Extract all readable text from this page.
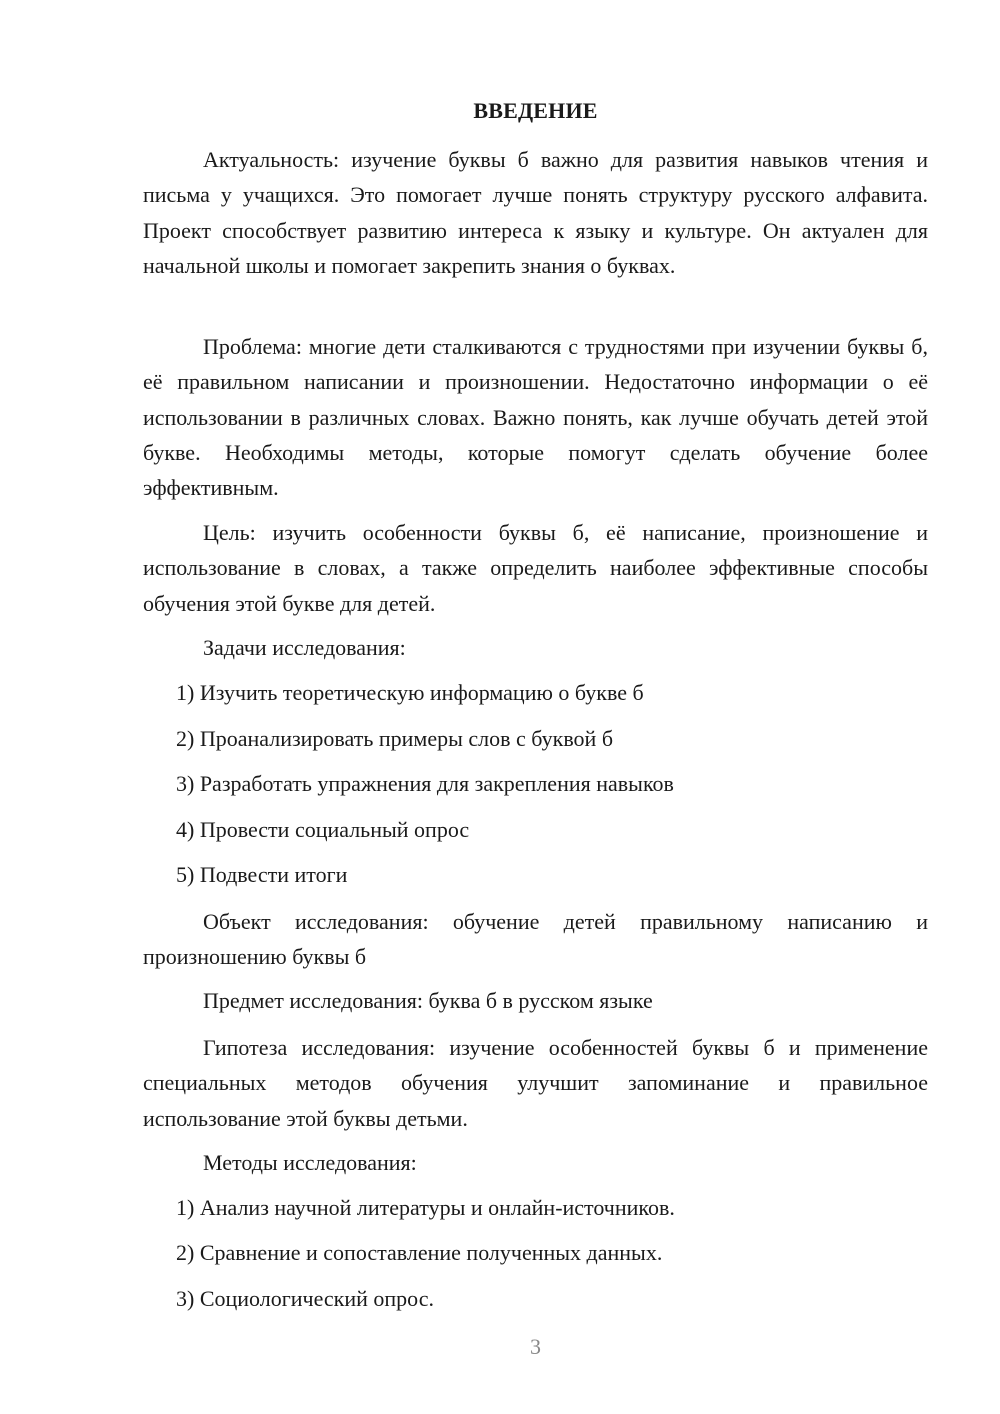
ВВЕДЕНИЕ

Актуальность: изучение буквы б важно для развития навыков чтения и письма у учащихся. Это помогает лучше понять структуру русского алфавита. Проект способствует развитию интереса к языку и культуре. Он актуален для начальной школы и помогает закрепить знания о буквах.

Проблема: многие дети сталкиваются с трудностями при изучении буквы б, её правильном написании и произношении. Недостаточно информации о её использовании в различных словах. Важно понять, как лучше обучать детей этой букве. Необходимы методы, которые помогут сделать обучение более эффективным.

Цель: изучить особенности буквы б, её написание, произношение и использование в словах, а также определить наиболее эффективные способы обучения этой букве для детей.

Задачи исследования:

1) Изучить теоретическую информацию о букве б

2) Проанализировать примеры слов с буквой б

3) Разработать упражнения для закрепления навыков

4) Провести социальный опрос

5) Подвести итоги

Объект исследования: обучение детей правильному написанию и произношению буквы б

Предмет исследования: буква б в русском языке

Гипотеза исследования: изучение особенностей буквы б и применение специальных методов обучения улучшит запоминание и правильное использование этой буквы детьми.

Методы исследования:

1) Анализ научной литературы и онлайн-источников.

2) Сравнение и сопоставление полученных данных.

3) Социологический опрос.

3
